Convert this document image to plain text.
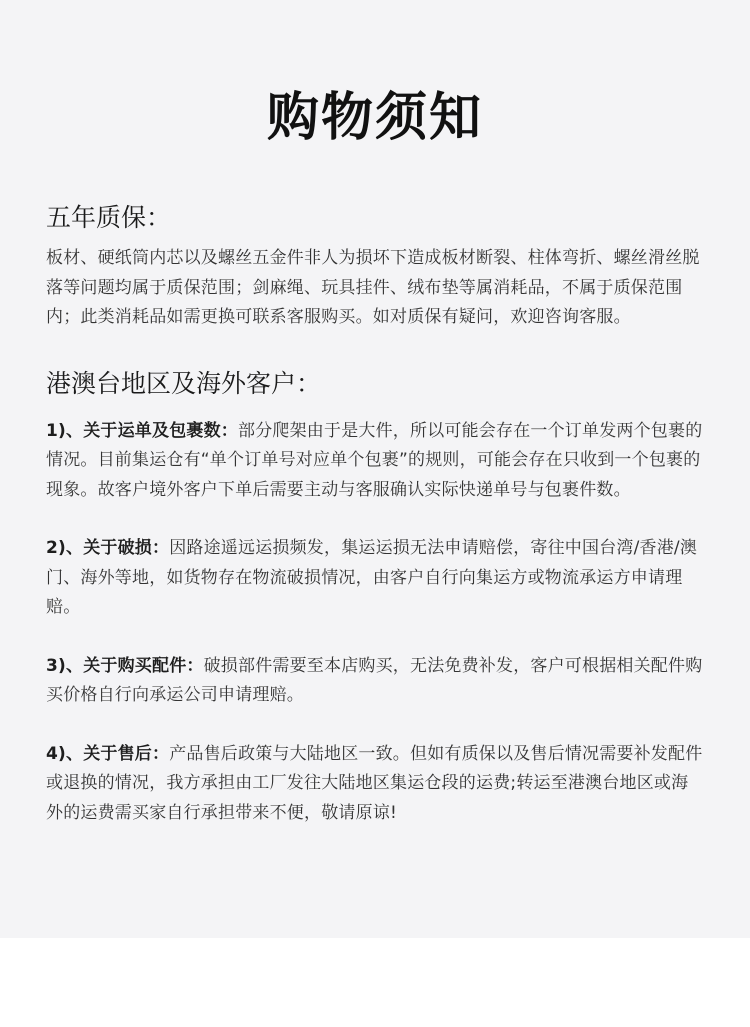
购物须知
五年质保：

板材、硬纸筒内芯以及螺丝五金件非人为损坏下造成板材断裂、柱体弯折、螺丝滑丝脱落等问题均属于质保范围；剑麻绳、玩具挂件、绒布垫等属消耗品，不属于质保范围内；此类消耗品如需更换可联系客服购买。如对质保有疑问，欢迎咨询客服。

港澳台地区及海外客户：

1)、关于运单及包裹数：部分爬架由于是大件，所以可能会存在一个订单发两个包裹的情况。目前集运仓有“单个订单号对应单个包裹”的规则，可能会存在只收到一个包裹的现象。故客户境外客户下单后需要主动与客服确认实际快递单号与包裹件数。

2)、关于破损：因路途遥远运损频发，集运运损无法申请赔偿，寄往中国台湾/香港/澳门、海外等地，如货物存在物流破损情况，由客户自行向集运方或物流承运方申请理赔。

3)、关于购买配件：破损部件需要至本店购买，无法免费补发，客户可根据相关配件购买价格自行向承运公司申请理赔。

4)、关于售后：产品售后政策与大陆地区一致。但如有质保以及售后情况需要补发配件或退换的情况，我方承担由工厂发往大陆地区集运仓段的运费;转运至港澳台地区或海外的运费需买家自行承担带来不便，敬请原谅!
